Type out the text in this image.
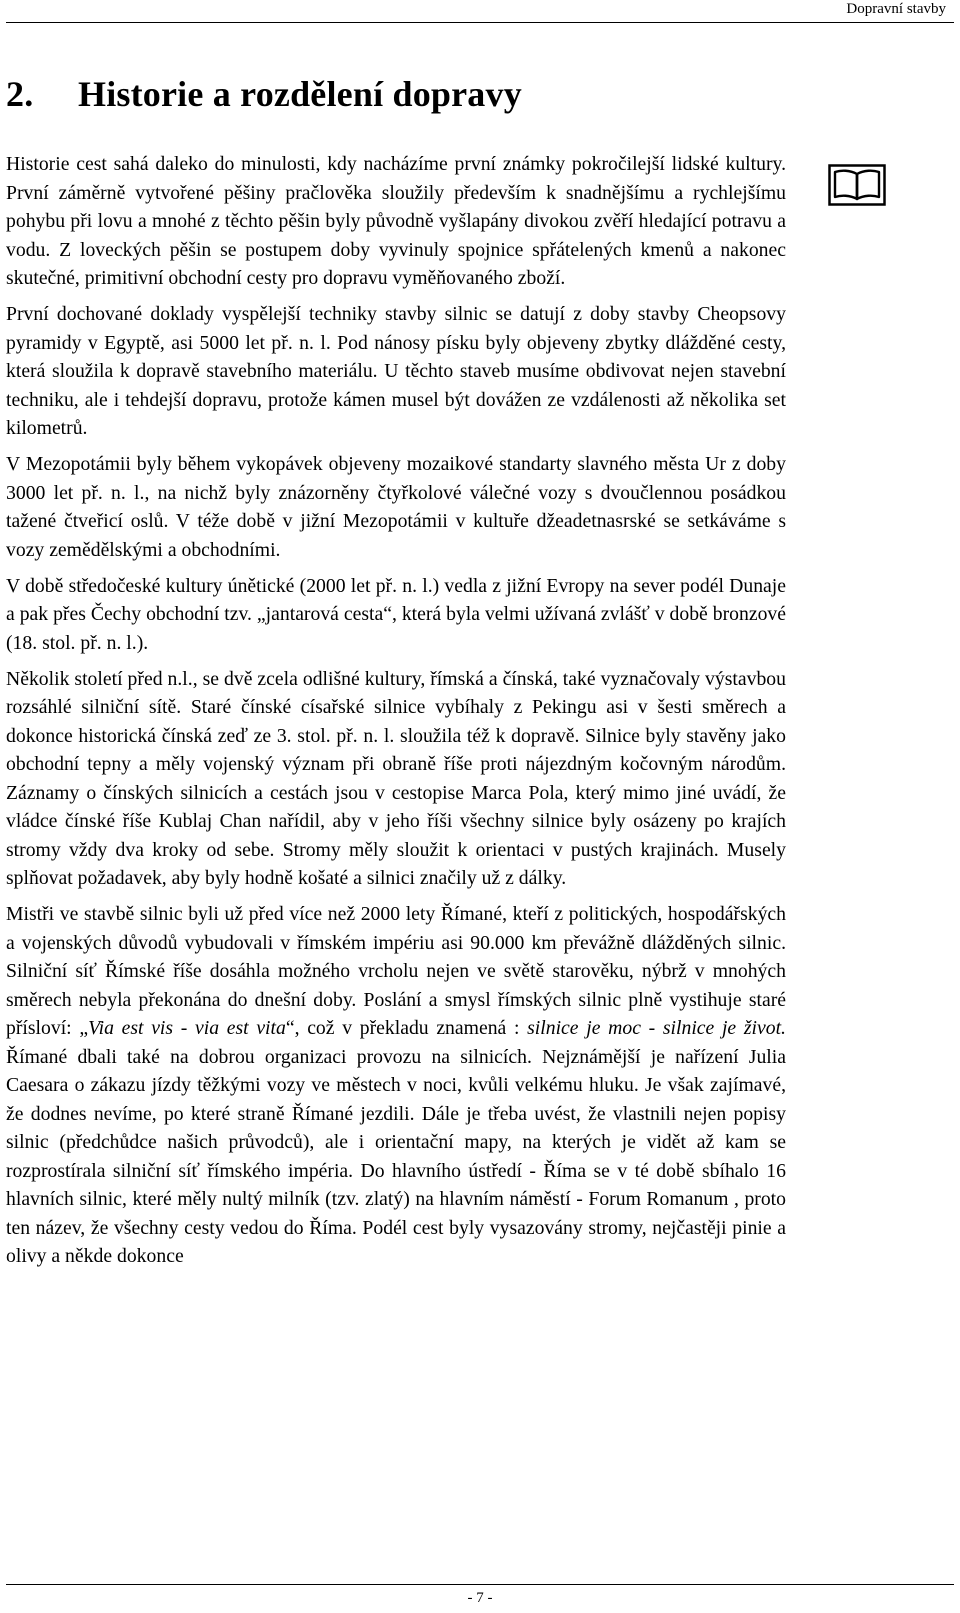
Dopravní stavby
2. Historie a rozdělení dopravy

Historie cest sahá daleko do minulosti, kdy nacházíme první známky pokročilejší lidské kultury. První záměrně vytvořené pěšiny pračlověka sloužily především k snadnějšímu a rychlejšímu pohybu při lovu a mnohé z těchto pěšin byly původně vyšlapány divokou zvěří hledající potravu a vodu. Z loveckých pěšin se postupem doby vyvinuly spojnice spřátelených kmenů a nakonec skutečné, primitivní obchodní cesty pro dopravu vyměňovaného zboží.

První dochované doklady vyspělejší techniky stavby silnic se datují z doby stavby Cheopsovy pyramidy v Egyptě, asi 5000 let př. n. l. Pod nánosy písku byly objeveny zbytky dlážděné cesty, která sloužila k dopravě stavebního materiálu. U těchto staveb musíme obdivovat nejen stavební techniku, ale i tehdejší dopravu, protože kámen musel být dovážen ze vzdálenosti až několika set kilometrů.

V Mezopotámii byly během vykopávek objeveny mozaikové standarty slavného města Ur z doby 3000 let př. n. l., na nichž byly znázorněny čtyřkolové válečné vozy s dvoučlennou posádkou tažené čtveřicí oslů. V téže době v jižní Mezopotámii v kultuře džeadetnasrské se setkáváme s vozy zemědělskými a obchodními.

V době středočeské kultury únětické (2000 let př. n. l.) vedla z jižní Evropy na sever podél Dunaje a pak přes Čechy obchodní tzv. „jantarová cesta“, která byla velmi užívaná zvlášť v době bronzové (18. stol. př. n. l.).

Několik století před n.l., se dvě zcela odlišné kultury, římská a čínská, také vyznačovaly výstavbou rozsáhlé silniční sítě. Staré čínské císařské silnice vybíhaly z Pekingu asi v šesti směrech a dokonce historická čínská zeď ze 3. stol. př. n. l. sloužila též k dopravě. Silnice byly stavěny jako obchodní tepny a měly vojenský význam při obraně říše proti nájezdným kočovným národům. Záznamy o čínských silnicích a cestách jsou v cestopise Marca Pola, který mimo jiné uvádí, že vládce čínské říše Kublaj Chan nařídil, aby v jeho říši všechny silnice byly osázeny po krajích stromy vždy dva kroky od sebe. Stromy měly sloužit k orientaci v pustých krajinách. Musely splňovat požadavek, aby byly hodně košaté a silnici značily už z dálky.

Mistři ve stavbě silnic byli už před více než 2000 lety Římané, kteří z politických, hospodářských a vojenských důvodů vybudovali v římském impériu asi 90.000 km převážně dlážděných silnic. Silniční síť Římské říše dosáhla možného vrcholu nejen ve světě starověku, nýbrž v mnohých směrech nebyla překonána do dnešní doby. Poslání a smysl římských silnic plně vystihuje staré přísloví: „Via est vis - via est vita“, což v překladu znamená : silnice je moc - silnice je život. Římané dbali také na dobrou organizaci provozu na silnicích. Nejznámější je nařízení Julia Caesara o zákazu jízdy těžkými vozy ve městech v noci, kvůli velkému hluku. Je však zajímavé, že dodnes nevíme, po které straně Římané jezdili. Dále je třeba uvést, že vlastnili nejen popisy silnic (předchůdce našich průvodců), ale i orientační mapy, na kterých je vidět až kam se rozprostírala silniční síť římského impéria. Do hlavního ústředí - Říma se v té době sbíhalo 16 hlavních silnic, které měly nultý milník (tzv. zlatý) na hlavním náměstí - Forum Romanum , proto ten název, že všechny cesty vedou do Říma. Podél cest byly vysazovány stromy, nejčastěji pinie a olivy a někde dokonce

- 7 -
